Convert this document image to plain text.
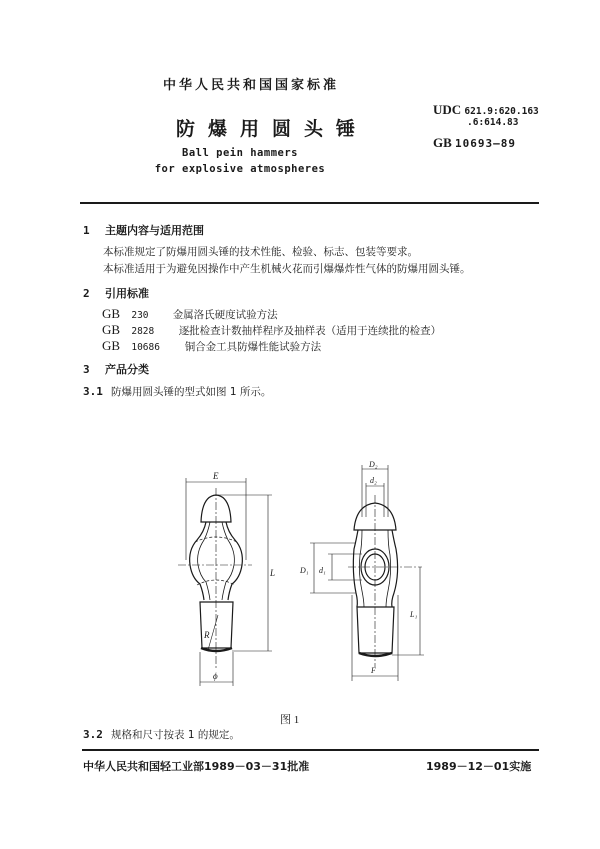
中华人民共和国国家标准
防爆用圆头锤
Ball pein hammers
for explosive atmospheres
UDC 621.9:620.163
.6:614.83
GB 10693—89
1 主题内容与适用范围
本标准规定了防爆用圆头锤的技术性能、检验、标志、包装等要求。
本标准适用于为避免因操作中产生机械火花而引爆爆炸性气体的防爆用圆头锤。
2 引用标准
GB 230 金属洛氏硬度试验方法
GB 2828 逐批检查计数抽样程序及抽样表（适用于连续批的检查）
GB 10686 铜合金工具防爆性能试验方法
3 产品分类
3.1 防爆用圆头锤的型式如图 1 所示。
E
L
R
ϕ
D₂
d₂
D₁ d₁
L₁
F
图 1
3.2 规格和尺寸按表 1 的规定。
中华人民共和国轻工业部1989－03－31批准	1989－12－01实施
